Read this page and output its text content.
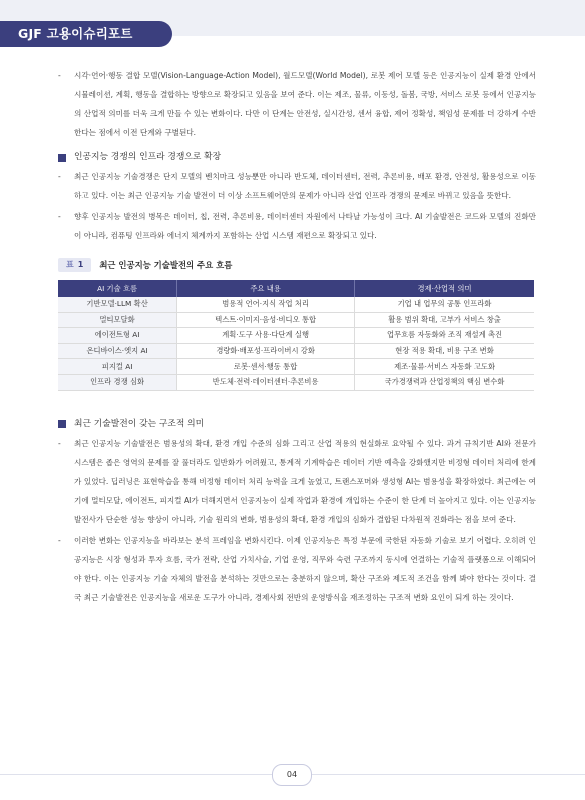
GJF 고용이슈리포트

- 시각·언어·행동 결합 모델(Vision-Language-Action Model), 월드모델(World Model), 로봇 제어 모델 등은 인공지능이 실제 환경 안에서 시뮬레이션, 계획, 행동을 결합하는 방향으로 확장되고 있음을 보여 준다. 이는 제조, 물류, 이동성, 돌봄, 국방, 서비스 로봇 등에서 인공지능의 산업적 의미를 더욱 크게 만들 수 있는 변화이다. 다만 이 단계는 안전성, 실시간성, 센서 융합, 제어 정확성, 책임성 문제를 더 강하게 수반한다는 점에서 이전 단계와 구별된다.

인공지능 경쟁의 인프라 경쟁으로 확장

- 최근 인공지능 기술경쟁은 단지 모델의 벤치마크 성능뿐만 아니라 반도체, 데이터센터, 전력, 추론비용, 배포 환경, 안전성, 활용성으로 이동하고 있다. 이는 최근 인공지능 기술 발전이 더 이상 소프트웨어만의 문제가 아니라 산업 인프라 경쟁의 문제로 바뀌고 있음을 뜻한다.

- 향후 인공지능 발전의 병목은 데이터, 칩, 전력, 추론비용, 데이터센터 자원에서 나타날 가능성이 크다. AI 기술발전은 코드와 모델의 진화만이 아니라, 컴퓨팅 인프라와 에너지 체계까지 포함하는 산업 시스템 재편으로 확장되고 있다.

표 1	최근 인공지능 기술발전의 주요 흐름
AI 기술 흐름	주요 내용	경제·산업적 의미
기반모델·LLM 확산	범용적 언어·지식 작업 처리	기업 내 업무의 공통 인프라화
멀티모달화	텍스트·이미지·음성·비디오 통합	활용 범위 확대, 고부가 서비스 창출
에이전트형 AI	계획·도구 사용·다단계 실행	업무흐름 자동화와 조직 재설계 촉진
온디바이스·엣지 AI	경량화·배포성·프라이버시 강화	현장 적용 확대, 비용 구조 변화
피지컬 AI	로봇·센서·행동 통합	제조·물류·서비스 자동화 고도화
인프라 경쟁 심화	반도체·전력·데이터센터·추론비용	국가경쟁력과 산업정책의 핵심 변수화
최근 기술발전이 갖는 구조적 의미

- 최근 인공지능 기술발전은 범용성의 확대, 환경 개입 수준의 심화 그리고 산업 적용의 현실화로 요약될 수 있다. 과거 규칙기반 AI와 전문가 시스템은 좁은 영역의 문제를 잘 풀더라도 일반화가 어려웠고, 통계적 기계학습은 데이터 기반 예측을 강화했지만 비정형 데이터 처리에 한계가 있었다. 딥러닝은 표현학습을 통해 비정형 데이터 처리 능력을 크게 높였고, 트랜스포머와 생성형 AI는 범용성을 확장하였다. 최근에는 여기에 멀티모달, 에이전트, 피지컬 AI가 더해지면서 인공지능이 실제 작업과 환경에 개입하는 수준이 한 단계 더 높아지고 있다. 이는 인공지능 발전사가 단순한 성능 향상이 아니라, 기술 원리의 변화, 범용성의 확대, 환경 개입의 심화가 결합된 다차원적 진화라는 점을 보여 준다.

- 이러한 변화는 인공지능을 바라보는 분석 프레임을 변화시킨다. 이제 인공지능은 특정 부문에 국한된 자동화 기술로 보기 어렵다. 오히려 인공지능은 시장 형성과 투자 흐름, 국가 전략, 산업 가치사슬, 기업 운영, 직무와 숙련 구조까지 동시에 연결하는 기술적 플랫폼으로 이해되어야 한다. 이는 인공지능 기술 자체의 발전을 분석하는 것만으로는 충분하지 않으며, 확산 구조와 제도적 조건을 함께 봐야 한다는 것이다. 결국 최근 기술발전은 인공지능을 새로운 도구가 아니라, 경제사회 전반의 운영방식을 재조정하는 구조적 변화 요인이 되게 하는 것이다.

04
